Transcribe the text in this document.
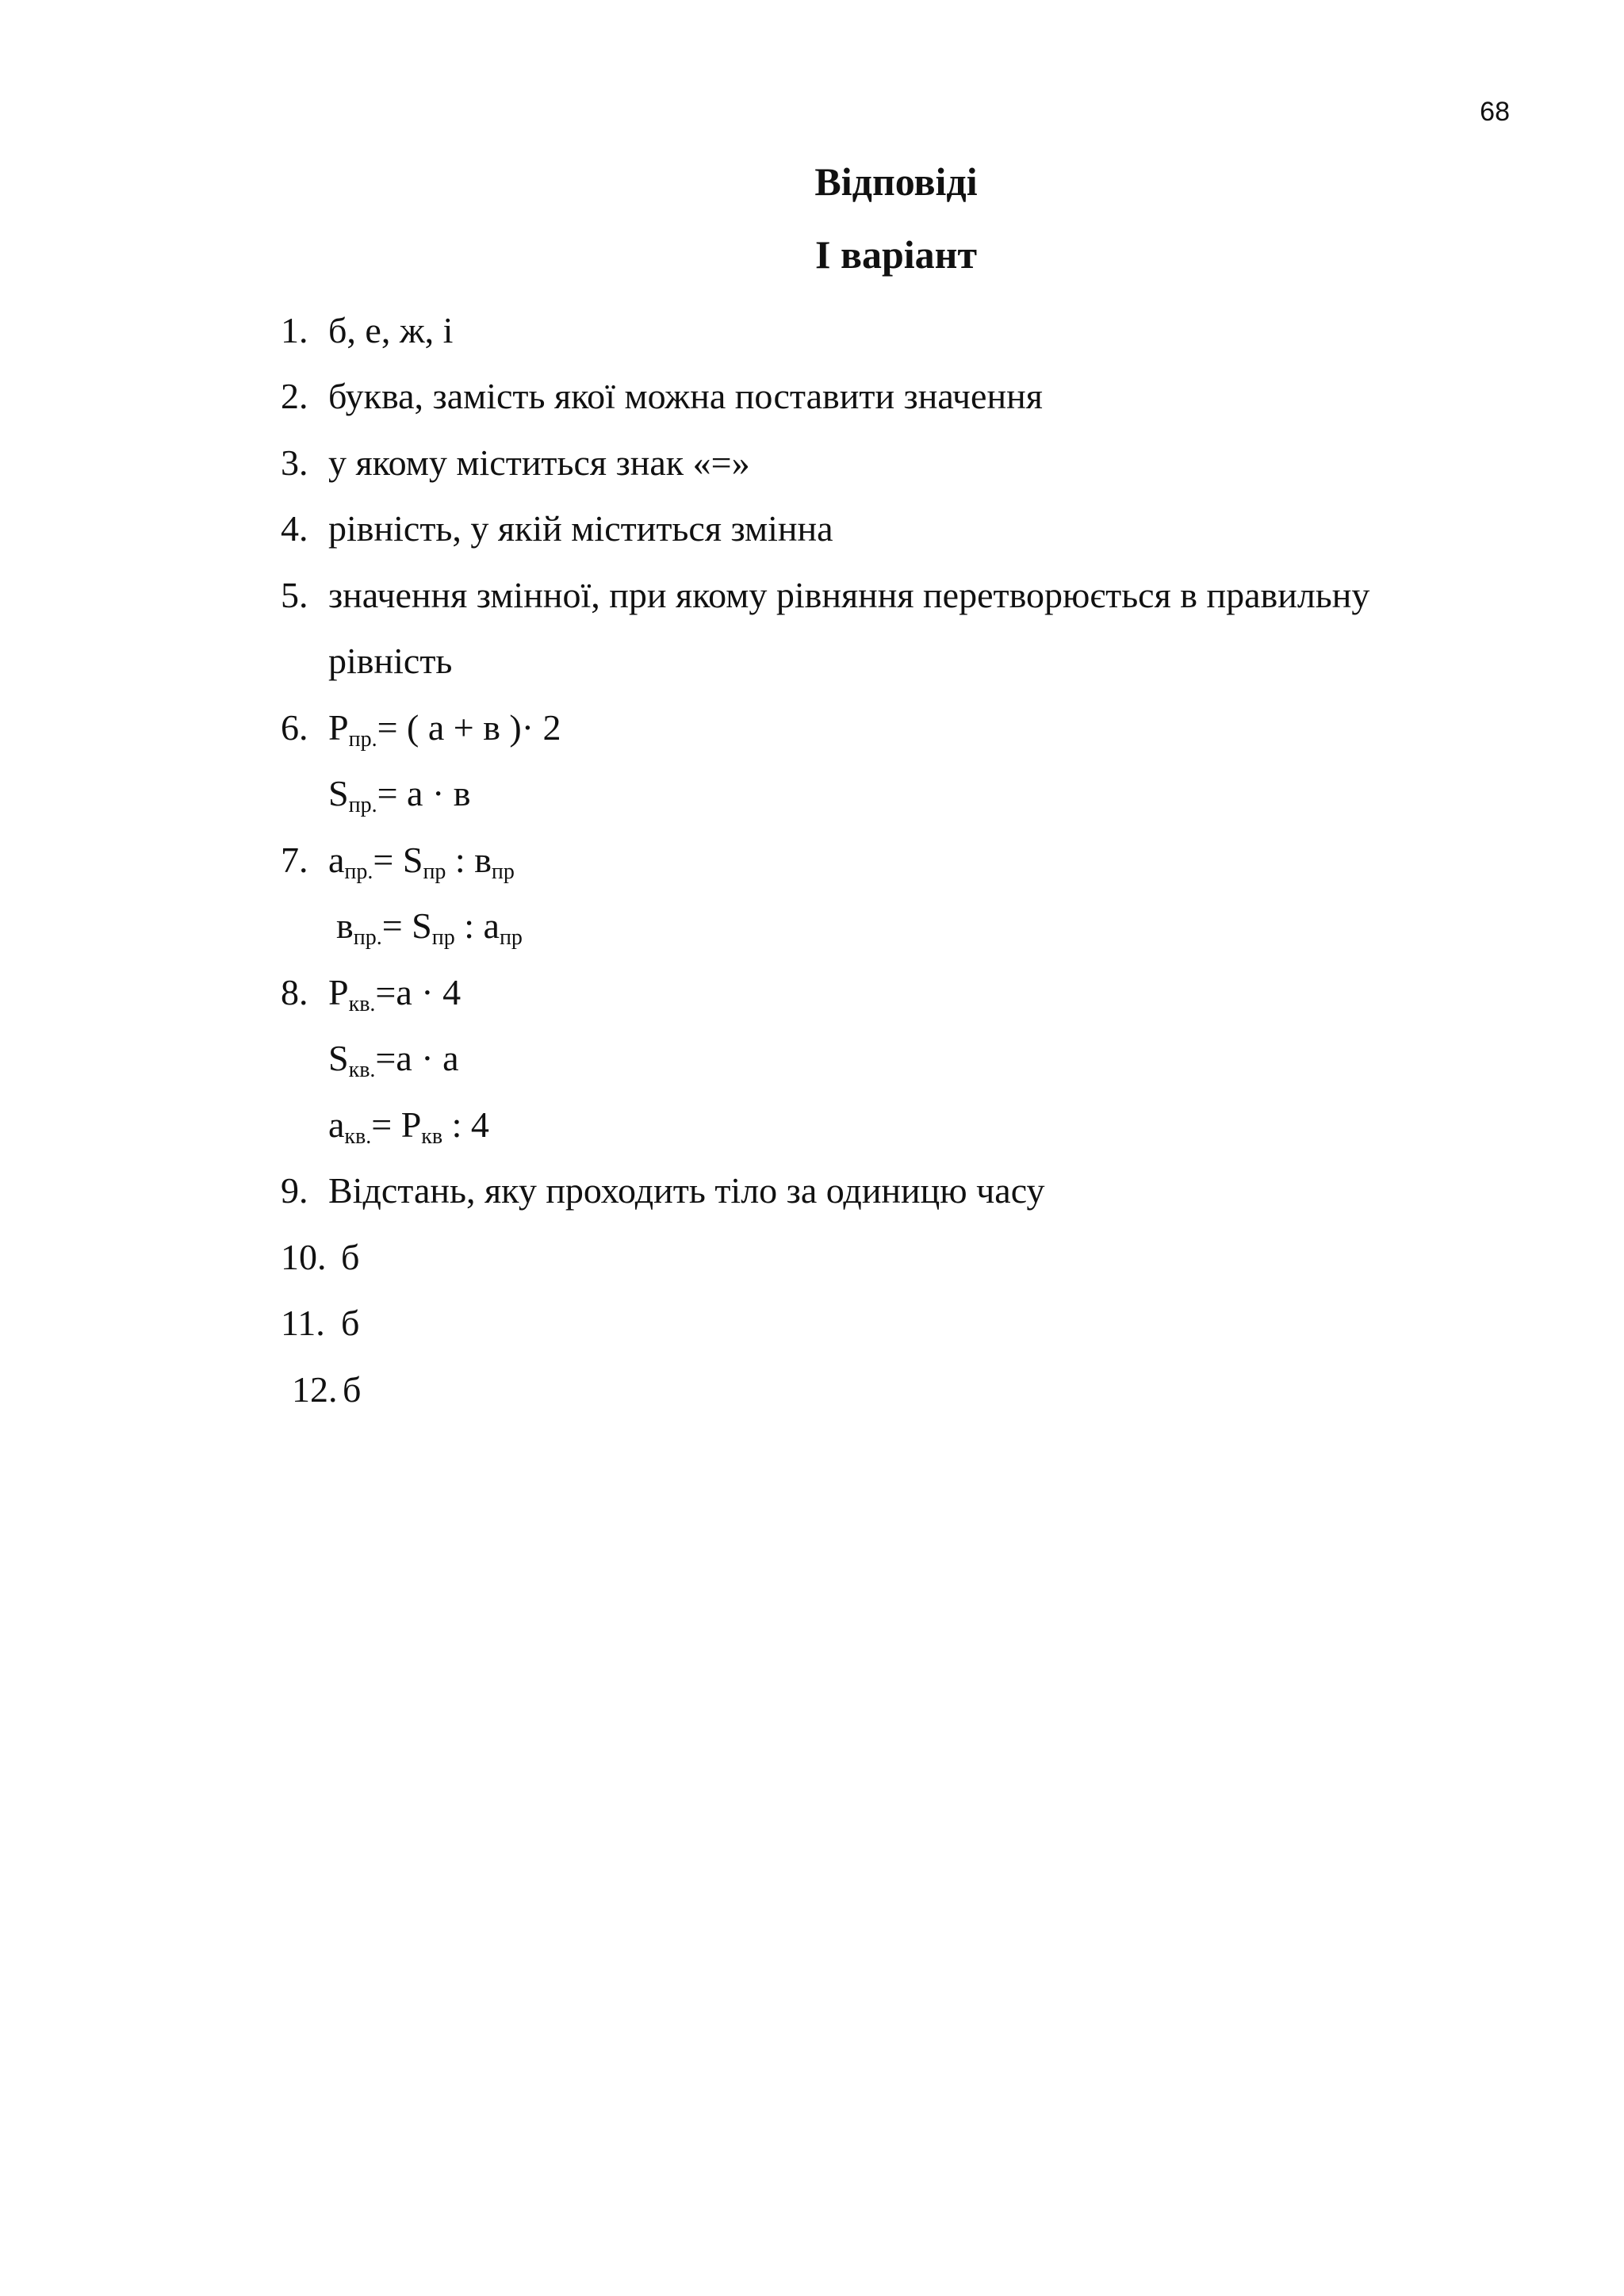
68
Відповіді
І варіант
1. б, е, ж, і
2. буква, замість якої можна поставити значення
3. у якому міститься знак «=»
4. рівність, у якій міститься змінна
5. значення змінної, при якому рівняння перетворюється в правильну
рівність
6. $P_{пр.}=$ ( а + в )· 2
$S_{пр.}= а \cdot в$
7. $а_{пр.}= S_{пр}$ : $в_{пр}$
$в_{пр.}= S_{пр}$ : $а_{пр}$
8. $P_{кв.}=а \cdot 4$
$S_{кв.}=а \cdot а$
$а_{кв.}= P_{кв}$ : 4
9. Відстань, яку проходить тіло за одиницю часу
10. б
11. б
12. б
